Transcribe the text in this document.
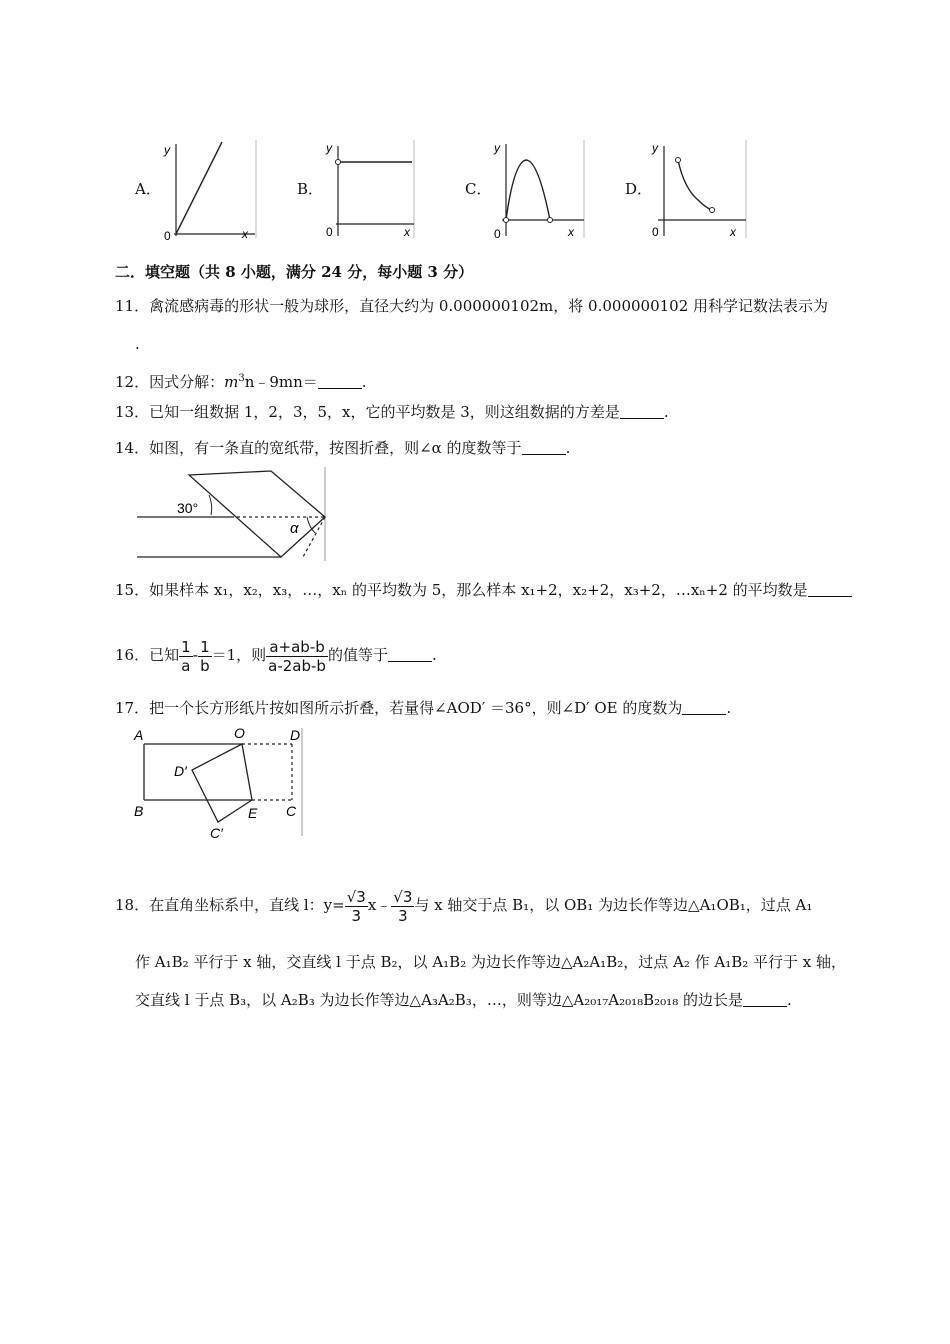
A．
y
x
0
B．
y
x
0
C．
y
x
0
D．
y
x
0
二．填空题（共 8 小题，满分 24 分，每小题 3 分）
11．禽流感病毒的形状一般为球形，直径大约为 0.000000102m，将 0.000000102 用科学记数法表示为
.
12．因式分解：$m^3n﹣9mn=$	.
13．已知一组数据 1，2，3，5，x，它的平均数是 3，则这组数据的方差是	.
14．如图，有一条直的宽纸带，按图折叠，则∠α 的度数等于	.
30°
α
15．如果样本 x₁，x₂，x₃，…，xₙ 的平均数为 5，那么样本 x₁+2，x₂+2，x₃+2，…xₙ+2 的平均数是
16．已知 $\frac{1}{a} - \frac{1}{b} =1$，则 $\frac{a+ab-b}{a-2ab-b}$ 的值等于	.
17．把一个长方形纸片按如图所示折叠，若量得∠AOD′ ＝36°，则∠D′ OE 的度数为	.
A	O	D
D′
B	E C
C′
18．在直角坐标系中，直线 l：$y= \frac{√3}{3}$ x﹣ $\frac{√3}{3}$ 与 x 轴交于点 B₁，以 OB₁ 为边长作等边△A₁OB₁，过点 A₁
作 A₁B₂ 平行于 x 轴，交直线 l 于点 B₂，以 A₁B₂ 为边长作等边△A₂A₁B₂，过点 A₂ 作 A₁B₂ 平行于 x 轴，
交直线 l 于点 B₃，以 A₂B₃ 为边长作等边△A₃A₂B₃，…，则等边△A₂₀₁₇A₂₀₁₈B₂₀₁₈ 的边长是	.
